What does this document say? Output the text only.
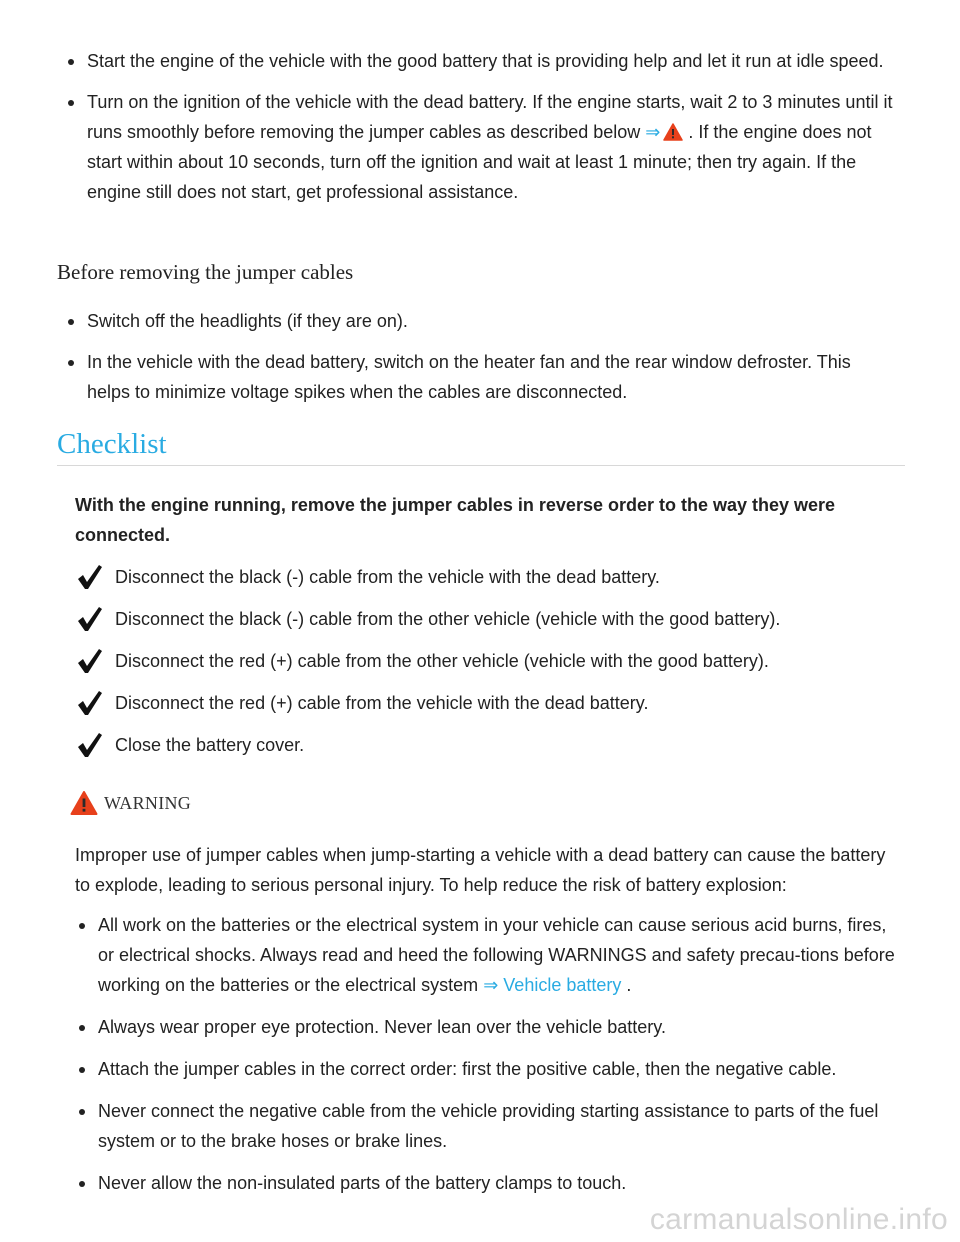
Start the engine of the vehicle with the good battery that is providing help and let it run at idle speed.
Turn on the ignition of the vehicle with the dead battery. If the engine starts, wait 2 to 3 minutes until it runs smoothly before removing the jumper cables as described below ⇒ . If the engine does not start within about 10 seconds, turn off the ignition and wait at least 1 minute; then try again. If the engine still does not start, get professional assistance.
Before removing the jumper cables
Switch off the headlights (if they are on).
In the vehicle with the dead battery, switch on the heater fan and the rear window defroster. This helps to minimize voltage spikes when the cables are disconnected.
Checklist

With the engine running, remove the jumper cables in reverse order to the way they were connected.

Disconnect the black (-) cable from the vehicle with the dead battery.
Disconnect the black (-) cable from the other vehicle (vehicle with the good battery).
Disconnect the red (+) cable from the other vehicle (vehicle with the good battery).
Disconnect the red (+) cable from the vehicle with the dead battery.
Close the battery cover.
WARNING

Improper use of jumper cables when jump-starting a vehicle with a dead battery can cause the battery to explode, leading to serious personal injury. To help reduce the risk of battery explosion:

All work on the batteries or the electrical system in your vehicle can cause serious acid burns, fires, or electrical shocks. Always read and heed the following WARNINGS and safety precau-tions before working on the batteries or the electrical system ⇒ Vehicle battery .
Always wear proper eye protection. Never lean over the vehicle battery.
Attach the jumper cables in the correct order: first the positive cable, then the negative cable.
Never connect the negative cable from the vehicle providing starting assistance to parts of the fuel system or to the brake hoses or brake lines.
Never allow the non-insulated parts of the battery clamps to touch.
carmanualsonline.info
